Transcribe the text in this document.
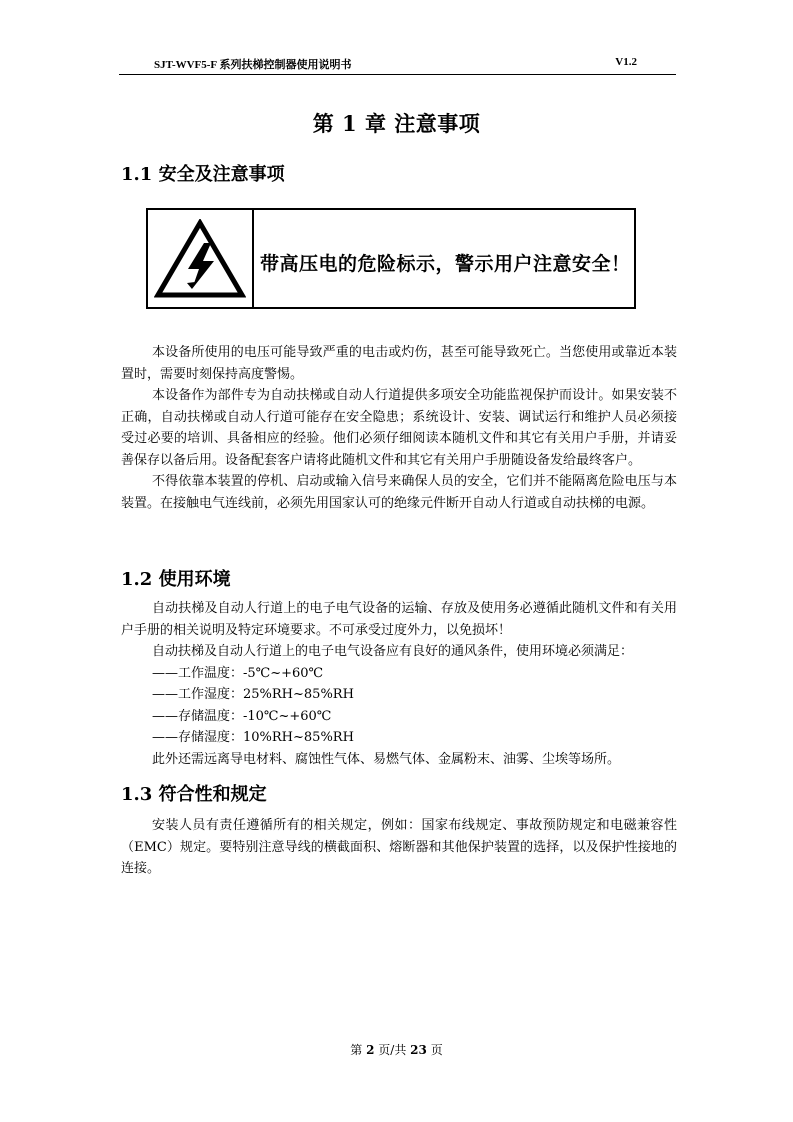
SJT-WVF5-F 系列扶梯控制器使用说明书	V1.2
第 1 章 注意事项
1.1 安全及注意事项
带高压电的危险标示，警示用户注意安全！

本设备所使用的电压可能导致严重的电击或灼伤，甚至可能导致死亡。当您使用或靠近本装置时，需要时刻保持高度警惕。

本设备作为部件专为自动扶梯或自动人行道提供多项安全功能监视保护而设计。如果安装不正确，自动扶梯或自动人行道可能存在安全隐患；系统设计、安装、调试运行和维护人员必须接受过必要的培训、具备相应的经验。他们必须仔细阅读本随机文件和其它有关用户手册，并请妥善保存以备后用。设备配套客户请将此随机文件和其它有关用户手册随设备发给最终客户。

不得依靠本装置的停机、启动或输入信号来确保人员的安全，它们并不能隔离危险电压与本装置。在接触电气连线前，必须先用国家认可的绝缘元件断开自动人行道或自动扶梯的电源。

1.2 使用环境

自动扶梯及自动人行道上的电子电气设备的运输、存放及使用务必遵循此随机文件和有关用户手册的相关说明及特定环境要求。不可承受过度外力，以免损坏！

自动扶梯及自动人行道上的电子电气设备应有良好的通风条件，使用环境必须满足：

——工作温度：-5℃~+60℃

——工作湿度：25%RH~85%RH

——存储温度：-10℃~+60℃

——存储湿度：10%RH~85%RH

此外还需远离导电材料、腐蚀性气体、易燃气体、金属粉末、油雾、尘埃等场所。

1.3 符合性和规定

安装人员有责任遵循所有的相关规定，例如：国家布线规定、事故预防规定和电磁兼容性（EMC）规定。要特别注意导线的横截面积、熔断器和其他保护装置的选择，以及保护性接地的连接。

第 2 页/共 23 页
